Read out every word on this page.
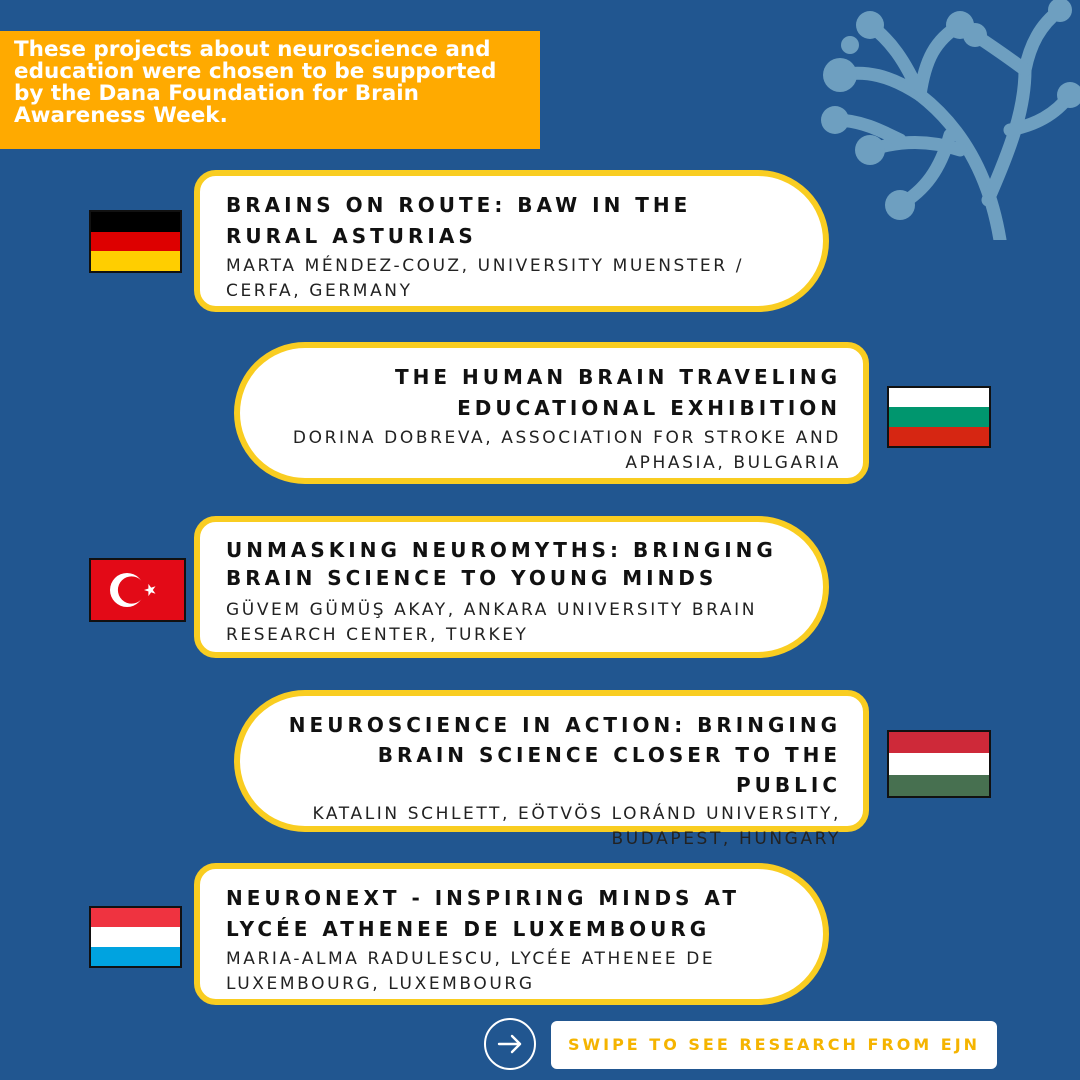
These projects about neuroscience and education were chosen to be supported by the Dana Foundation for Brain Awareness Week.

BRAINS ON ROUTE: BAW IN THE RURAL ASTURIAS

MARTA MÉNDEZ-COUZ, UNIVERSITY MUENSTER / CERFA, GERMANY

THE HUMAN BRAIN TRAVELING EDUCATIONAL EXHIBITION

DORINA DOBREVA, ASSOCIATION FOR STROKE AND APHASIA, BULGARIA

UNMASKING NEUROMYTHS: BRINGING BRAIN SCIENCE TO YOUNG MINDS

GÜVEM GÜMÜŞ AKAY, ANKARA UNIVERSITY BRAIN RESEARCH CENTER, TURKEY

NEUROSCIENCE IN ACTION: BRINGING BRAIN SCIENCE CLOSER TO THE PUBLIC

KATALIN SCHLETT, EÖTVÖS LORÁND UNIVERSITY, BUDAPEST, HUNGARY

NEURONEXT - INSPIRING MINDS AT LYCÉE ATHENEE DE LUXEMBOURG

MARIA-ALMA RADULESCU, LYCÉE ATHENEE DE LUXEMBOURG, LUXEMBOURG

SWIPE TO SEE RESEARCH FROM EJN
